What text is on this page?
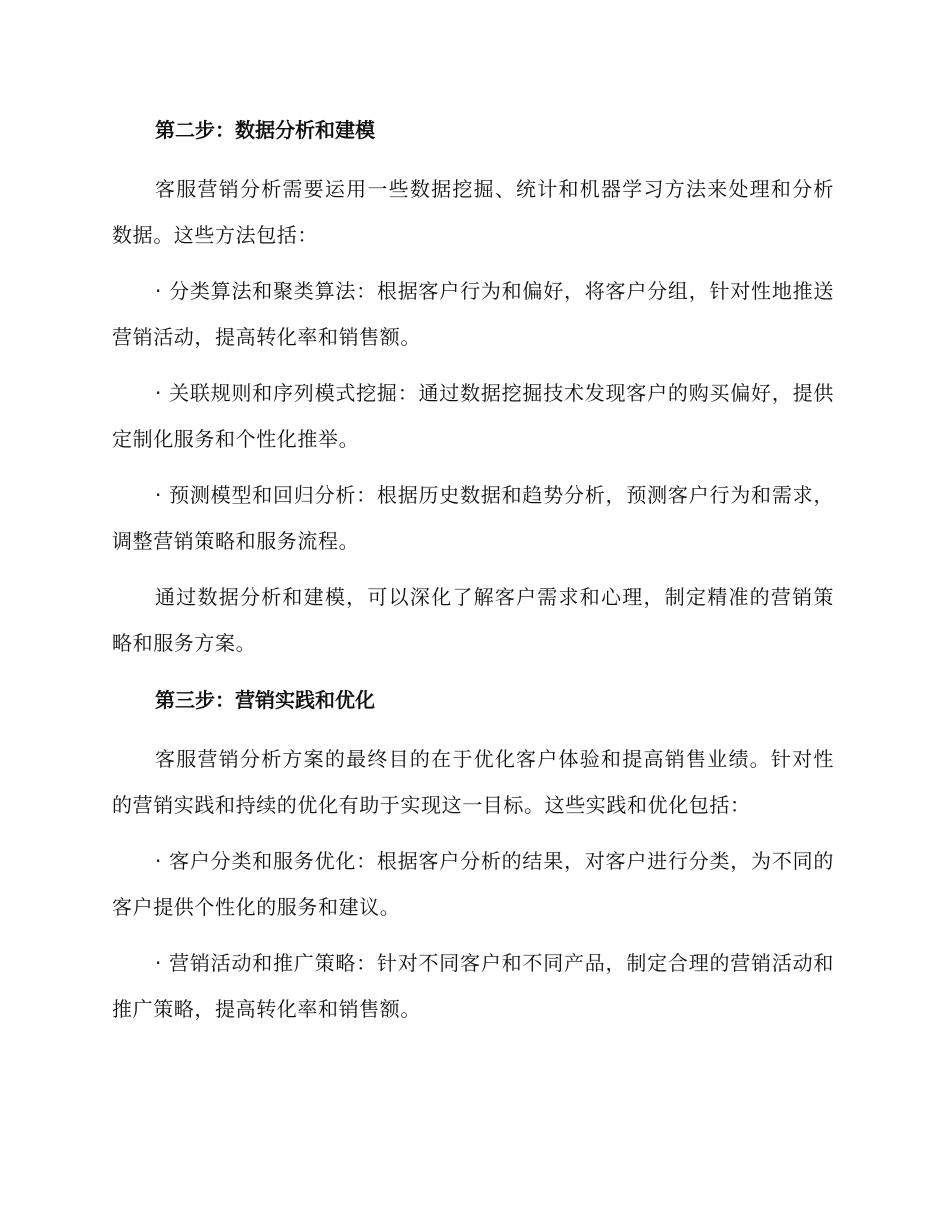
第二步：数据分析和建模

客服营销分析需要运用一些数据挖掘、统计和机器学习方法来处理和分析数据。这些方法包括：

· 分类算法和聚类算法：根据客户行为和偏好，将客户分组，针对性地推送营销活动，提高转化率和销售额。

· 关联规则和序列模式挖掘：通过数据挖掘技术发现客户的购买偏好，提供定制化服务和个性化推举。

· 预测模型和回归分析：根据历史数据和趋势分析，预测客户行为和需求，调整营销策略和服务流程。

通过数据分析和建模，可以深化了解客户需求和心理，制定精准的营销策略和服务方案。

第三步：营销实践和优化

客服营销分析方案的最终目的在于优化客户体验和提高销售业绩。针对性的营销实践和持续的优化有助于实现这一目标。这些实践和优化包括：

· 客户分类和服务优化：根据客户分析的结果，对客户进行分类，为不同的客户提供个性化的服务和建议。

· 营销活动和推广策略：针对不同客户和不同产品，制定合理的营销活动和推广策略，提高转化率和销售额。
